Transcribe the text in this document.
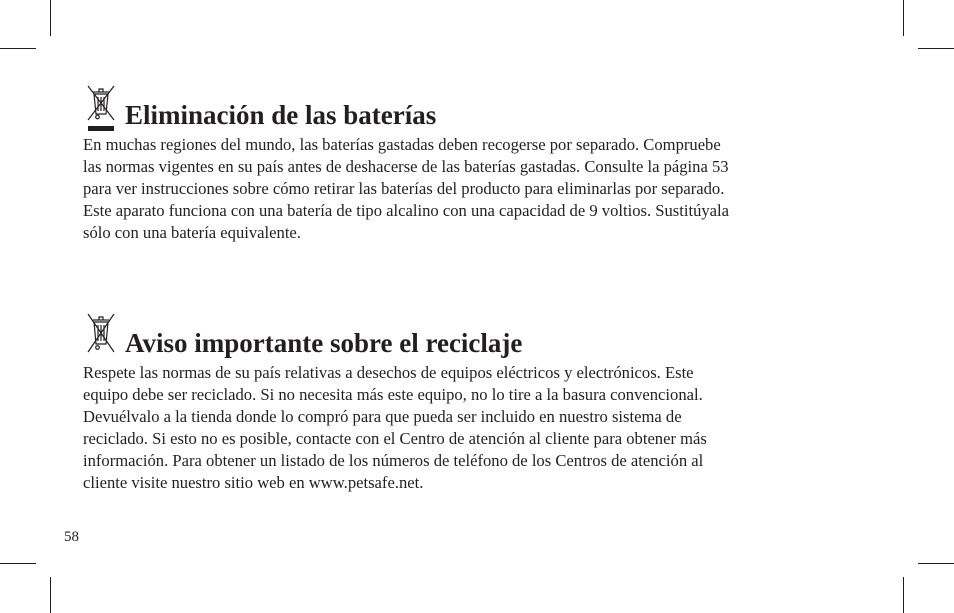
Eliminación de las baterías

En muchas regiones del mundo, las baterías gastadas deben recogerse por separado. Compruebe
las normas vigentes en su país antes de deshacerse de las baterías gastadas. Consulte la página 53
para ver instrucciones sobre cómo retirar las baterías del producto para eliminarlas por separado.
Este aparato funciona con una batería de tipo alcalino con una capacidad de 9 voltios. Sustitúyala
sólo con una batería equivalente.

Aviso importante sobre el reciclaje

Respete las normas de su país relativas a desechos de equipos eléctricos y electrónicos. Este
equipo debe ser reciclado. Si no necesita más este equipo, no lo tire a la basura convencional.
Devuélvalo a la tienda donde lo compró para que pueda ser incluido en nuestro sistema de
reciclado. Si esto no es posible, contacte con el Centro de atención al cliente para obtener más
información. Para obtener un listado de los números de teléfono de los Centros de atención al
cliente visite nuestro sitio web en www.petsafe.net.

58
